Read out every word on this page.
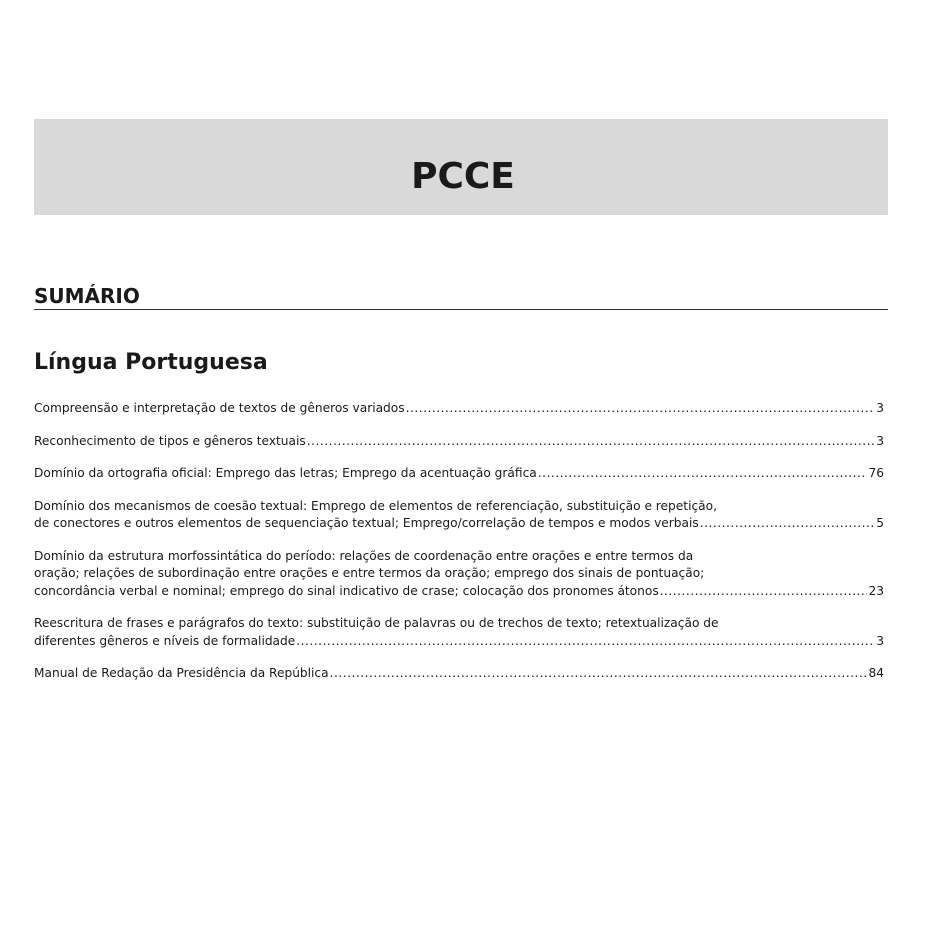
PCCE
SUMÁRIO
Língua Portuguesa
Compreensão e interpretação de textos de gêneros variados .....	3
Reconhecimento de tipos e gêneros textuais .....	3
Domínio da ortografia oficial: Emprego das letras; Emprego da acentuação gráfica .....	76
Domínio dos mecanismos de coesão textual: Emprego de elementos de referenciação, substituição e repetição,
de conectores e outros elementos de sequenciação textual; Emprego/correlação de tempos e modos verbais .....	5
Domínio da estrutura morfossintática do período: relações de coordenação entre orações e entre termos da
oração; relações de subordinação entre orações e entre termos da oração; emprego dos sinais de pontuação;
concordância verbal e nominal; emprego do sinal indicativo de crase; colocação dos pronomes átonos .....	23
Reescritura de frases e parágrafos do texto: substituição de palavras ou de trechos de texto; retextualização de
diferentes gêneros e níveis de formalidade .....	3
Manual de Redação da Presidência da República .....	84
